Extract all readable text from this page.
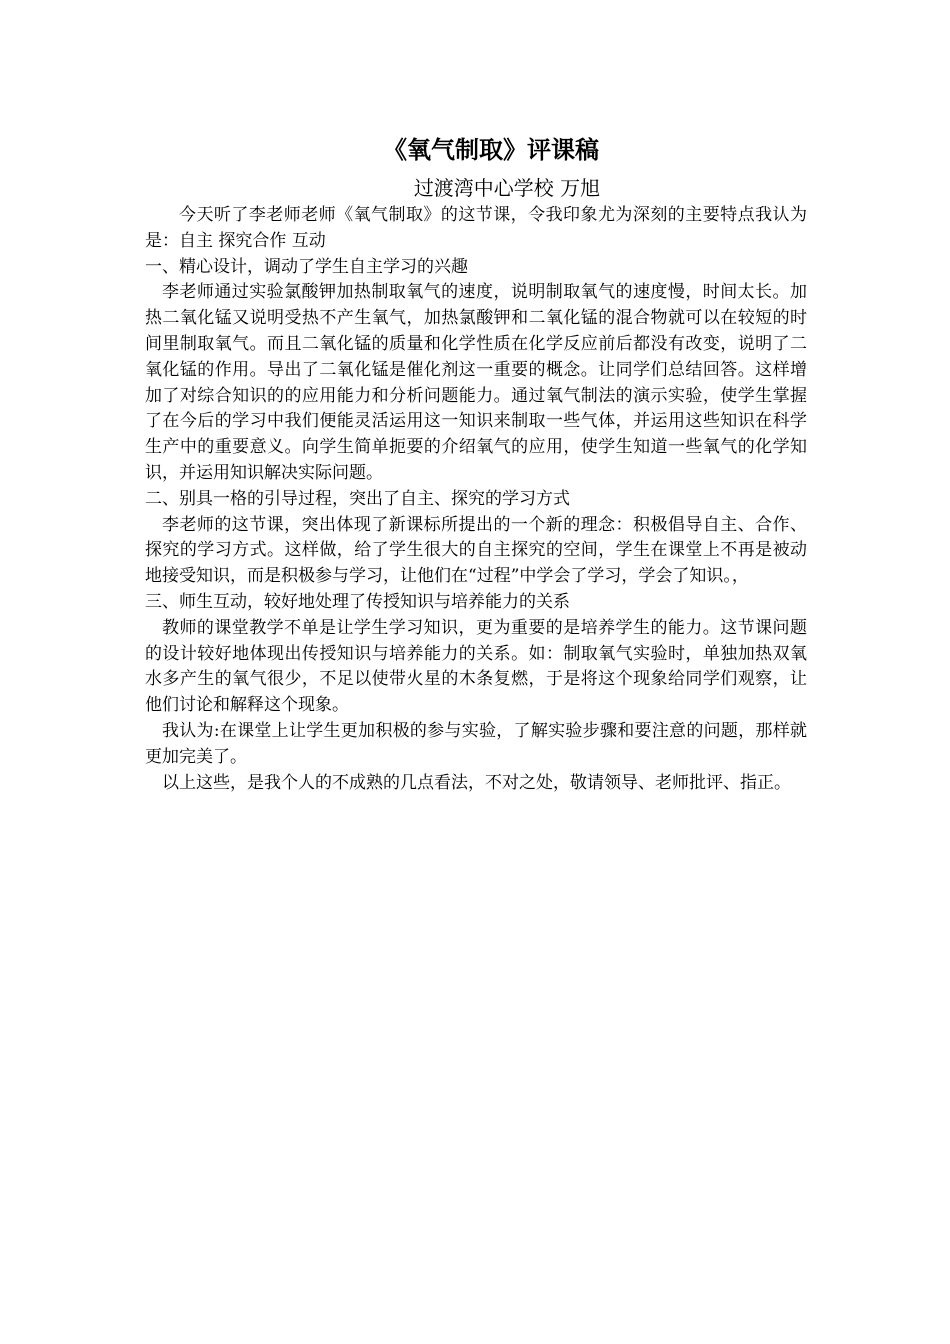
《氧气制取》评课稿
过渡湾中心学校 万旭

今天听了李老师老师《氧气制取》的这节课，令我印象尤为深刻的主要特点我认为是：自主 探究合作 互动

一、精心设计，调动了学生自主学习的兴趣

李老师通过实验氯酸钾加热制取氧气的速度，说明制取氧气的速度慢，时间太长。加热二氧化锰又说明受热不产生氧气，加热氯酸钾和二氧化锰的混合物就可以在较短的时间里制取氧气。而且二氧化锰的质量和化学性质在化学反应前后都没有改变，说明了二氧化锰的作用。导出了二氧化锰是催化剂这一重要的概念。让同学们总结回答。这样增加了对综合知识的的应用能力和分析问题能力。通过氧气制法的演示实验，使学生掌握了在今后的学习中我们便能灵活运用这一知识来制取一些气体，并运用这些知识在科学生产中的重要意义。向学生简单扼要的介绍氧气的应用，使学生知道一些氧气的化学知识，并运用知识解决实际问题。

二、别具一格的引导过程，突出了自主、探究的学习方式

李老师的这节课，突出体现了新课标所提出的一个新的理念：积极倡导自主、合作、探究的学习方式。这样做，给了学生很大的自主探究的空间，学生在课堂上不再是被动地接受知识，而是积极参与学习，让他们在“过程”中学会了学习，学会了知识。，

三、师生互动，较好地处理了传授知识与培养能力的关系

教师的课堂教学不单是让学生学习知识，更为重要的是培养学生的能力。这节课问题的设计较好地体现出传授知识与培养能力的关系。如：制取氧气实验时，单独加热双氧水多产生的氧气很少，不足以使带火星的木条复燃，于是将这个现象给同学们观察，让他们讨论和解释这个现象。

我认为:在课堂上让学生更加积极的参与实验，了解实验步骤和要注意的问题，那样就更加完美了。

以上这些，是我个人的不成熟的几点看法，不对之处，敬请领导、老师批评、指正。
